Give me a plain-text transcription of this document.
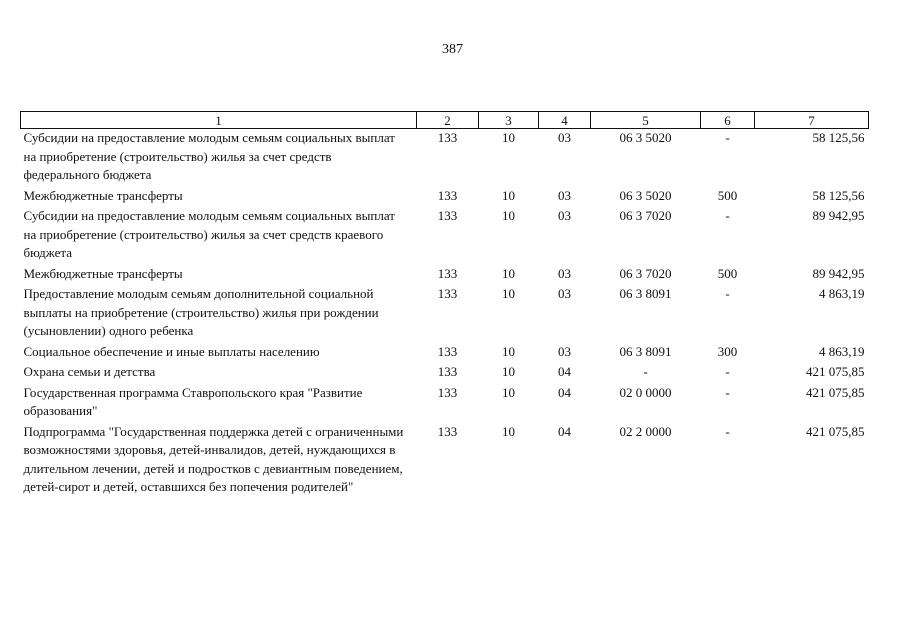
387
1	2	3	4	5	6	7
Субсидии на предоставление молодым семьям социальных выплат на приобретение (строительство) жилья за счет средств федерального бюджета	133	10	03	06 3 5020	-	58 125,56
Межбюджетные трансферты	133	10	03	06 3 5020	500	58 125,56
Субсидии на предоставление молодым семьям социальных выплат на приобретение (строительство) жилья за счет средств краевого бюджета	133	10	03	06 3 7020	-	89 942,95
Межбюджетные трансферты	133	10	03	06 3 7020	500	89 942,95
Предоставление молодым семьям дополнительной социальной выплаты на приобретение (строительство) жилья при рождении (усыновлении) одного ребенка	133	10	03	06 3 8091	-	4 863,19
Социальное обеспечение и иные выплаты населению	133	10	03	06 3 8091	300	4 863,19
Охрана семьи и детства	133	10	04	-	-	421 075,85
Государственная программа Ставропольского края "Развитие образования"	133	10	04	02 0 0000	-	421 075,85
Подпрограмма "Государственная поддержка детей с ограниченными возможностями здоровья, детей-инвалидов, детей, нуждающихся в длительном лечении, детей и подростков с девиантным поведением, детей-сирот и детей, оставшихся без попечения родителей"	133	10	04	02 2 0000	-	421 075,85
